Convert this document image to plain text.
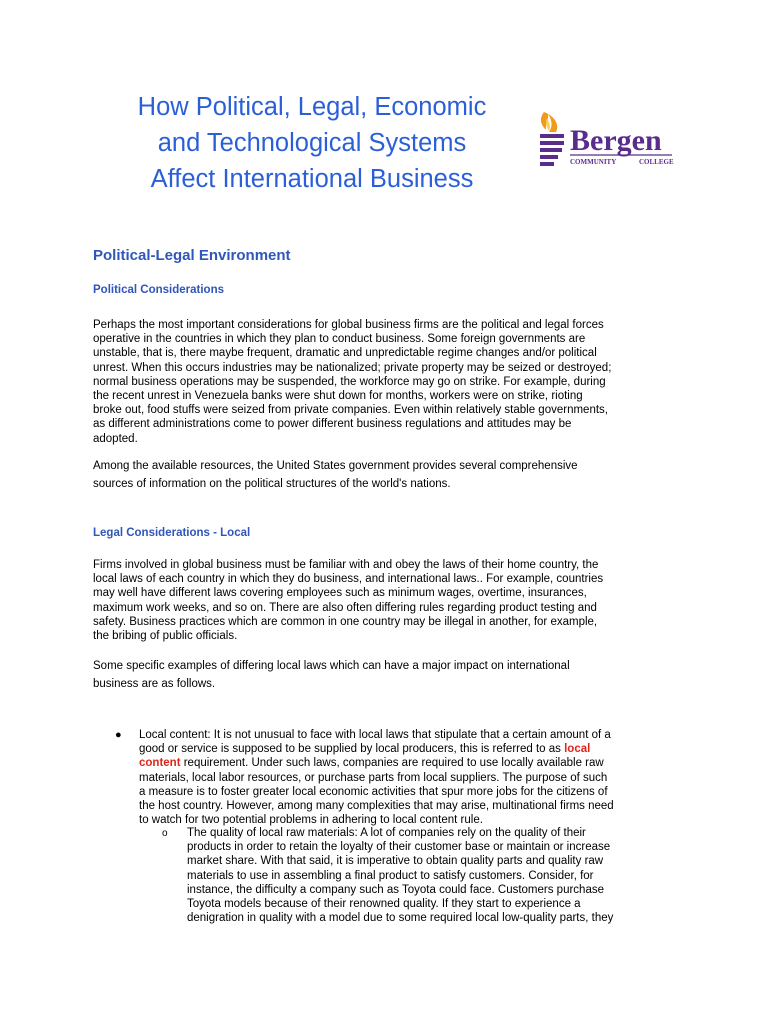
How Political, Legal, Economic
and Technological Systems
Affect International Business
Bergen
COMMUNITY	COLLEGE
Political-Legal Environment
Political Considerations
Perhaps the most important considerations for global business firms are the political and legal forces
operative in the countries in which they plan to conduct business. Some foreign governments are
unstable, that is, there maybe frequent, dramatic and unpredictable regime changes and/or political
unrest. When this occurs industries may be nationalized; private property may be seized or destroyed;
normal business operations may be suspended, the workforce may go on strike. For example, during
the recent unrest in Venezuela banks were shut down for months, workers were on strike, rioting
broke out, food stuffs were seized from private companies. Even within relatively stable governments,
as different administrations come to power different business regulations and attitudes may be
adopted.
Among the available resources, the United States government provides several comprehensive
sources of information on the political structures of the world's nations.
Legal Considerations - Local
Firms involved in global business must be familiar with and obey the laws of their home country, the
local laws of each country in which they do business, and international laws.. For example, countries
may well have different laws covering employees such as minimum wages, overtime, insurances,
maximum work weeks, and so on. There are also often differing rules regarding product testing and
safety. Business practices which are common in one country may be illegal in another, for example,
the bribing of public officials.
Some specific examples of differing local laws which can have a major impact on international
business are as follows.
● Local content: It is not unusual to face with local laws that stipulate that a certain amount of a
good or service is supposed to be supplied by local producers, this is referred to as local
content requirement. Under such laws, companies are required to use locally available raw
materials, local labor resources, or purchase parts from local suppliers. The purpose of such
a measure is to foster greater local economic activities that spur more jobs for the citizens of
the host country. However, among many complexities that may arise, multinational firms need
to watch for two potential problems in adhering to local content rule.
o The quality of local raw materials: A lot of companies rely on the quality of their
products in order to retain the loyalty of their customer base or maintain or increase
market share. With that said, it is imperative to obtain quality parts and quality raw
materials to use in assembling a final product to satisfy customers. Consider, for
instance, the difficulty a company such as Toyota could face. Customers purchase
Toyota models because of their renowned quality. If they start to experience a
denigration in quality with a model due to some required local low-quality parts, they
